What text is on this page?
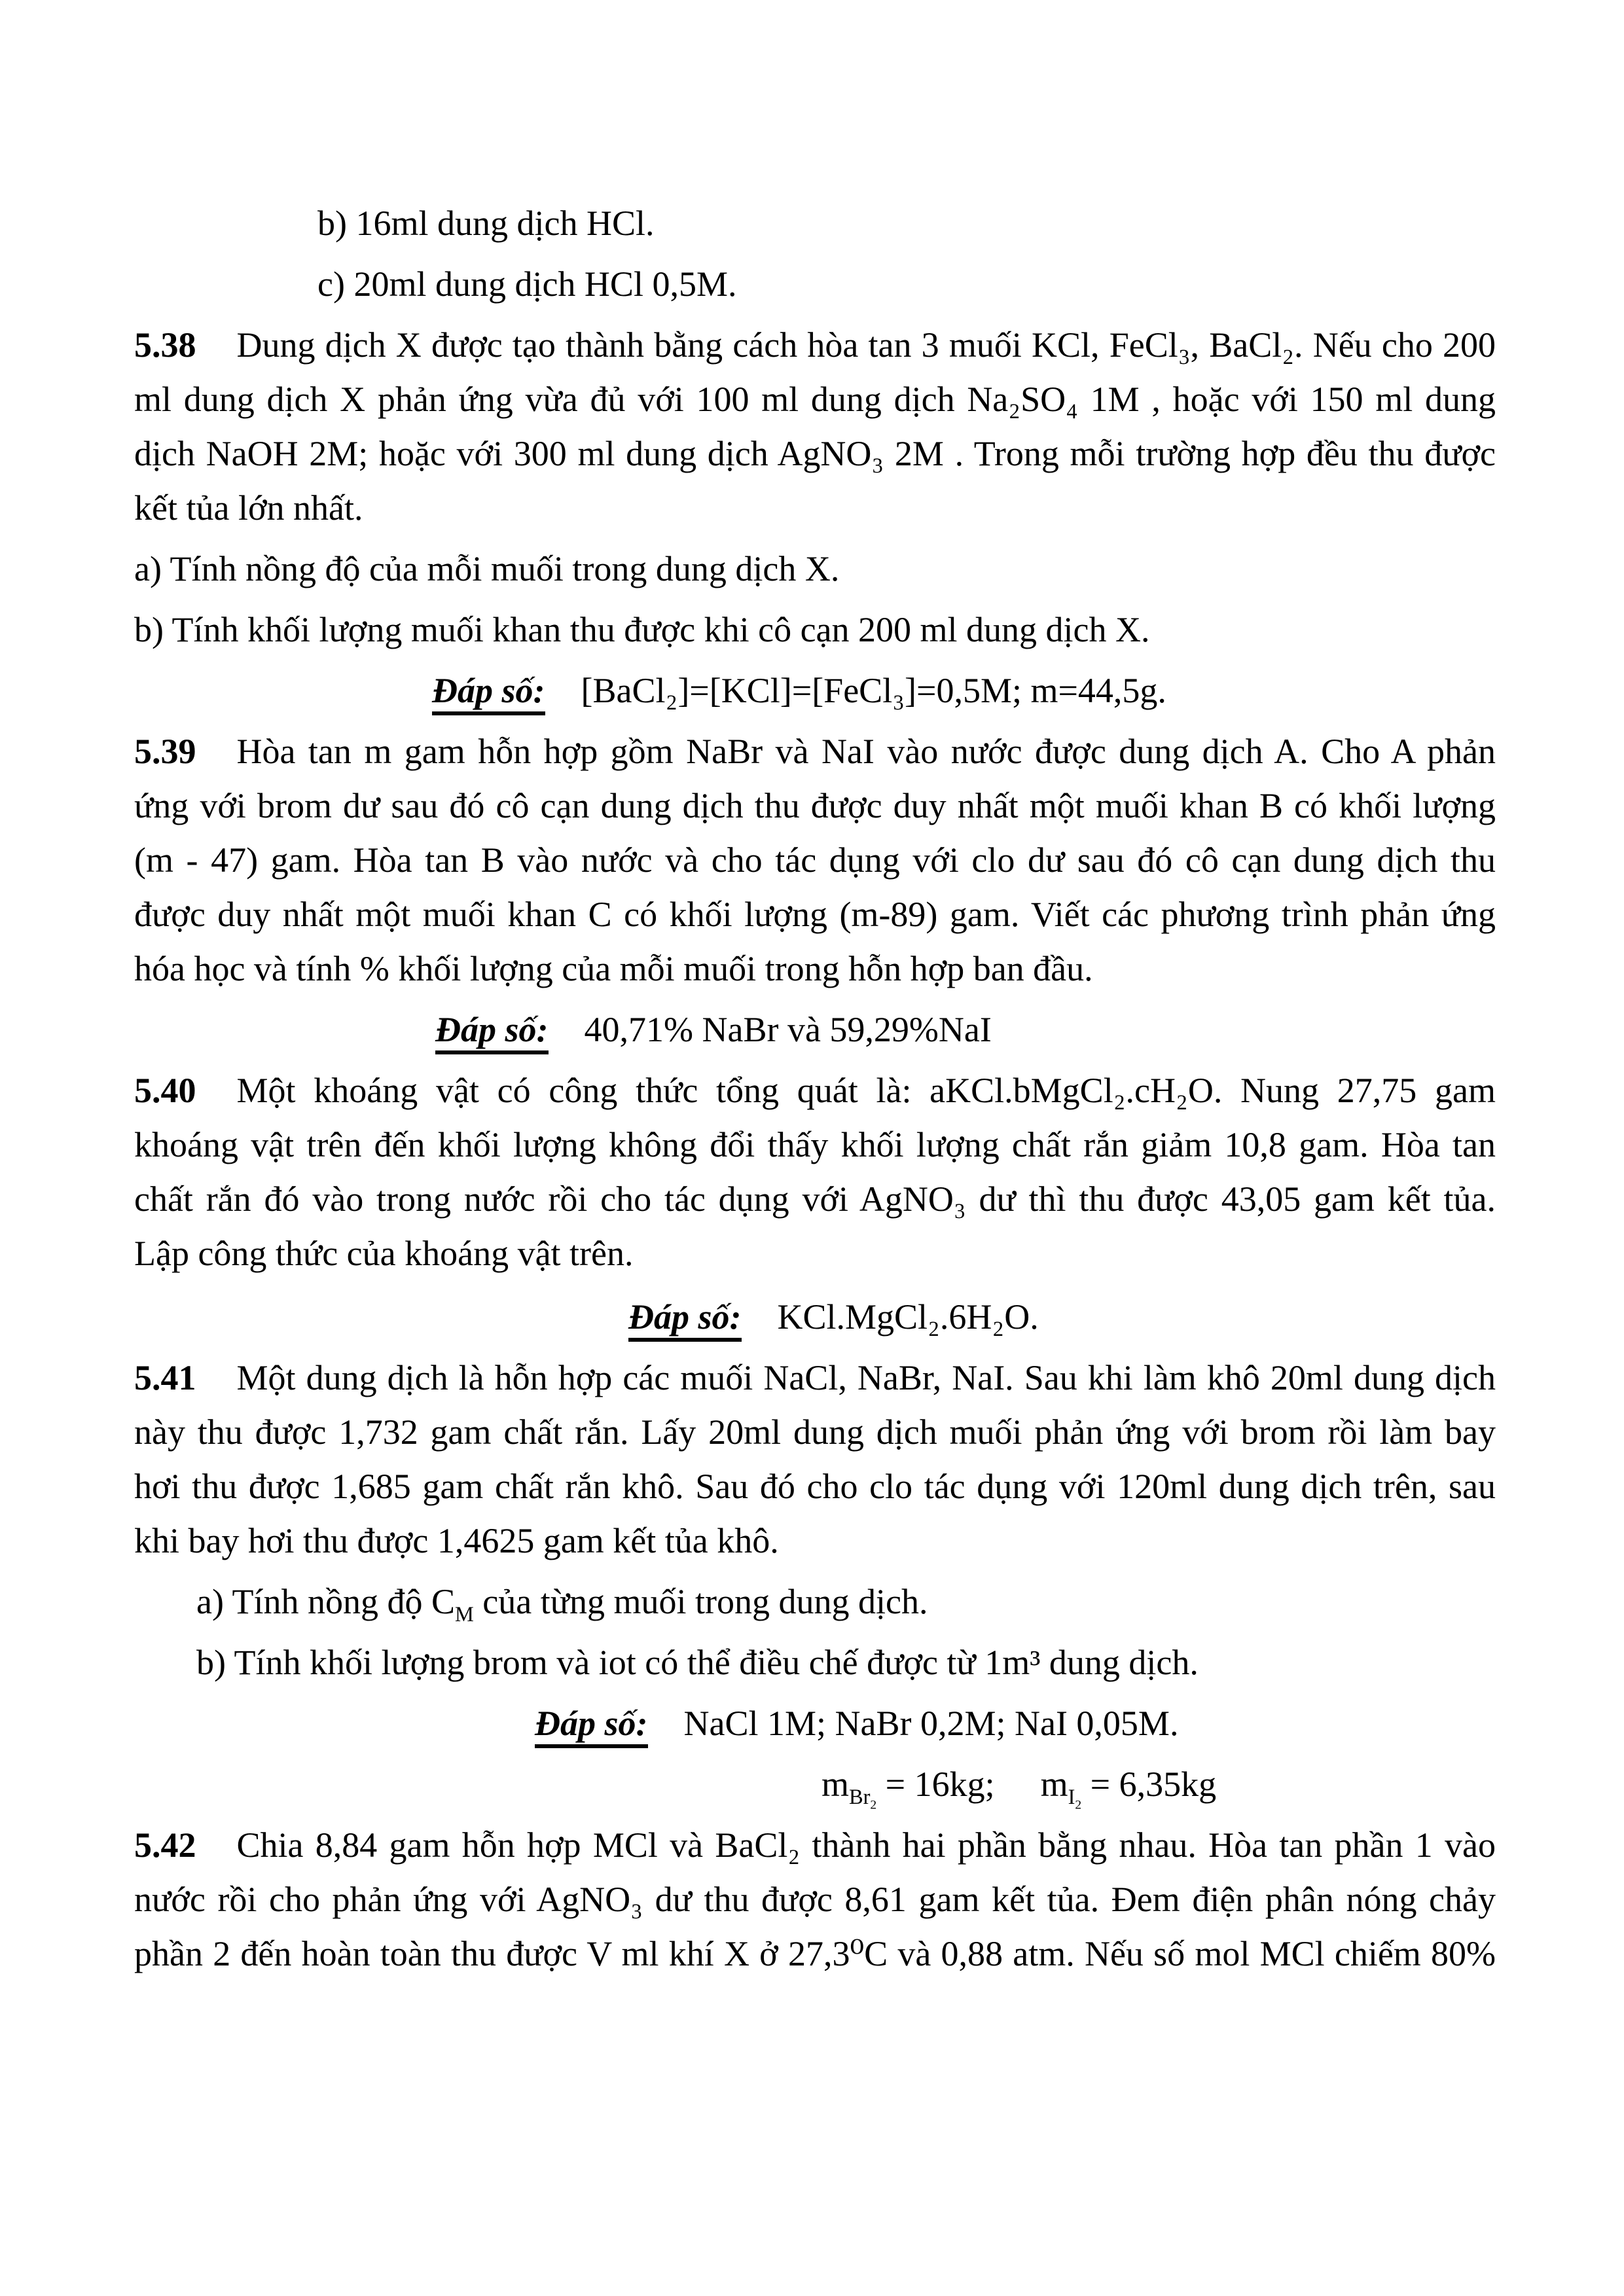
b) 16ml dung dịch HCl.
c) 20ml dung dịch HCl 0,5M.
5.38 Dung dịch X được tạo thành bằng cách hòa tan 3 muối KCl, FeCl₃, BaCl₂. Nếu cho 200
ml dung dịch X phản ứng vừa đủ với 100 ml dung dịch Na₂SO₄ 1M , hoặc với 150 ml dung
dịch NaOH 2M; hoặc với 300 ml dung dịch AgNO₃ 2M . Trong mỗi trường hợp đều thu được
kết tủa lớn nhất.
a) Tính nồng độ của mỗi muối trong dung dịch X.
b) Tính khối lượng muối khan thu được khi cô cạn 200 ml dung dịch X.
Đáp số: [BaCl₂]=[KCl]=[FeCl₃]=0,5M; m=44,5g.
5.39 Hòa tan m gam hỗn hợp gồm NaBr và NaI vào nước được dung dịch A. Cho A phản
ứng với brom dư sau đó cô cạn dung dịch thu được duy nhất một muối khan B có khối lượng
(m - 47) gam. Hòa tan B vào nước và cho tác dụng với clo dư sau đó cô cạn dung dịch thu
được duy nhất một muối khan C có khối lượng (m-89) gam. Viết các phương trình phản ứng
hóa học và tính % khối lượng của mỗi muối trong hỗn hợp ban đầu.
Đáp số: 40,71% NaBr và 59,29%NaI
5.40 Một khoáng vật có công thức tổng quát là: aKCl.bMgCl₂.cH₂O. Nung 27,75 gam
khoáng vật trên đến khối lượng không đổi thấy khối lượng chất rắn giảm 10,8 gam. Hòa tan
chất rắn đó vào trong nước rồi cho tác dụng với AgNO₃ dư thì thu được 43,05 gam kết tủa.
Lập công thức của khoáng vật trên.
Đáp số: KCl.MgCl₂.6H₂O.
5.41 Một dung dịch là hỗn hợp các muối NaCl, NaBr, NaI. Sau khi làm khô 20ml dung dịch
này thu được 1,732 gam chất rắn. Lấy 20ml dung dịch muối phản ứng với brom rồi làm bay
hơi thu được 1,685 gam chất rắn khô. Sau đó cho clo tác dụng với 120ml dung dịch trên, sau
khi bay hơi thu được 1,4625 gam kết tủa khô.
a) Tính nồng độ $C_M$ của từng muối trong dung dịch.
b) Tính khối lượng brom và iot có thể điều chế được từ 1m³ dung dịch.
Đáp số: NaCl 1M; NaBr 0,2M; NaI 0,05M.
$m_{Br_2} = 16kg$; $m_{I_2} = 6,35kg$
5.42 Chia 8,84 gam hỗn hợp MCl và BaCl₂ thành hai phần bằng nhau. Hòa tan phần 1 vào
nước rồi cho phản ứng với AgNO₃ dư thu được 8,61 gam kết tủa. Đem điện phân nóng chảy
phần 2 đến hoàn toàn thu được V ml khí X ở 27,3⁰C và 0,88 atm. Nếu số mol MCl chiếm 80%
